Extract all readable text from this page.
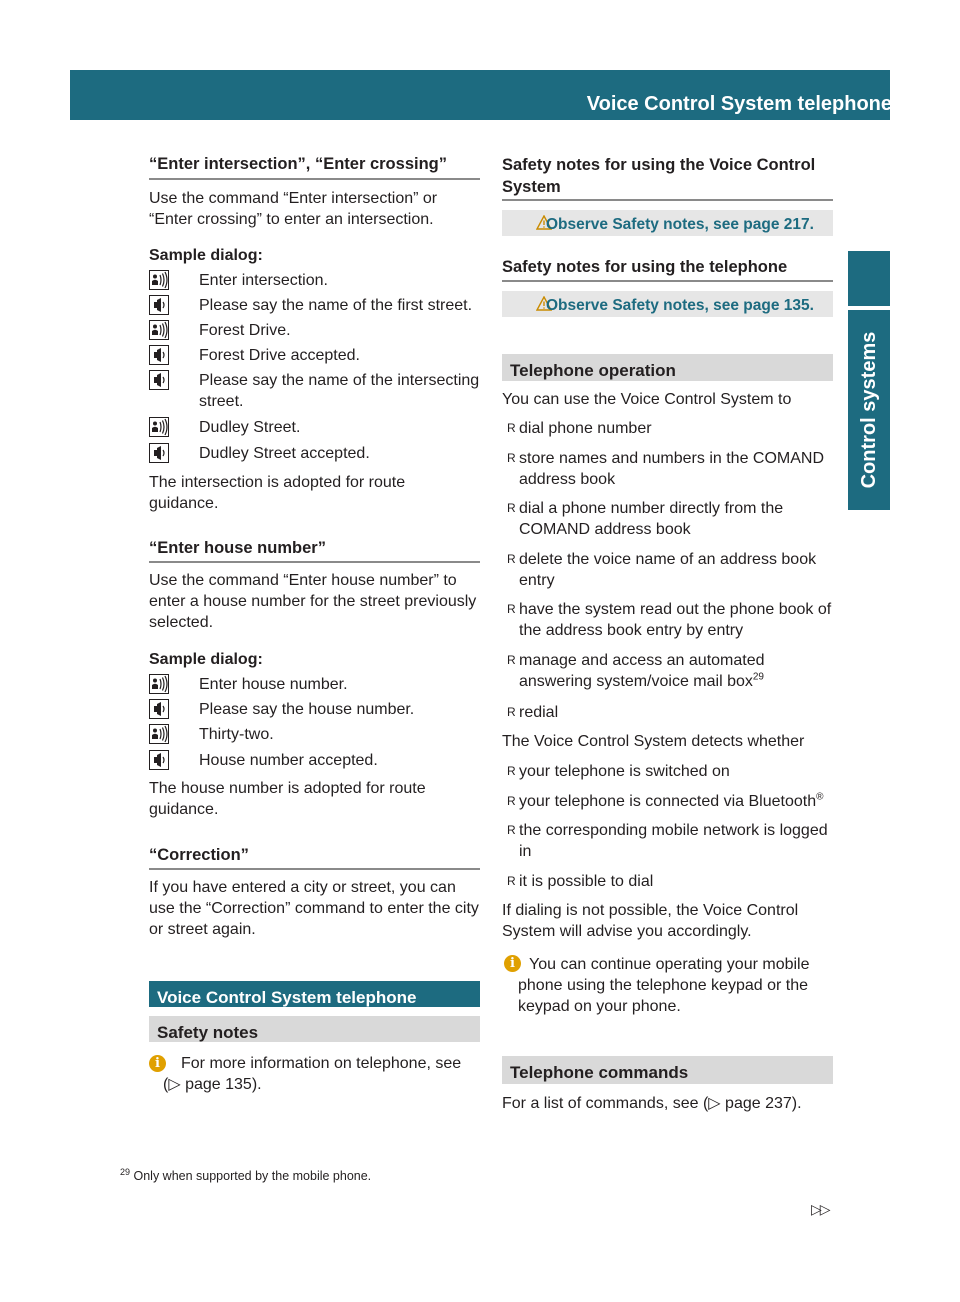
Voice Control System telephone	225
Control systems
“Enter intersection”, “Enter crossing”
Use the command “Enter intersection” or “Enter crossing” to enter an intersection.
Sample dialog:
Enter intersection.
Please say the name of the first street.
Forest Drive.
Forest Drive accepted.
Please say the name of the intersecting street.
Dudley Street.
Dudley Street accepted.
The intersection is adopted for route guidance.
“Enter house number”
Use the command “Enter house number” to enter a house number for the street previously selected.
Sample dialog:
Enter house number.
Please say the house number.
Thirty-two.
House number accepted.
The house number is adopted for route guidance.
“Correction”
If you have entered a city or street, you can use the “Correction” command to enter the city or street again.
Voice Control System telephone
Safety notes
i	For more information on telephone, see (▷ page 135).
Safety notes for using the Voice Control System
Observe Safety notes, see page 217.
Safety notes for using the telephone
Observe Safety notes, see page 135.
Telephone operation
You can use the Voice Control System to
R dial phone number
R store names and numbers in the COMAND address book
R dial a phone number directly from the COMAND address book
R delete the voice name of an address book entry
R have the system read out the phone book of the address book entry by entry
R manage and access an automated answering system/voice mail box$^{29}$
R redial
The Voice Control System detects whether
R your telephone is switched on
R your telephone is connected via Bluetooth®
R the corresponding mobile network is logged in
R it is possible to dial
If dialing is not possible, the Voice Control System will advise you accordingly.
i You can continue operating your mobile phone using the telephone keypad or the keypad on your phone.
Telephone commands
For a list of commands, see (▷ page 237).
$^{29}$ Only when supported by the mobile phone.
▷▷
